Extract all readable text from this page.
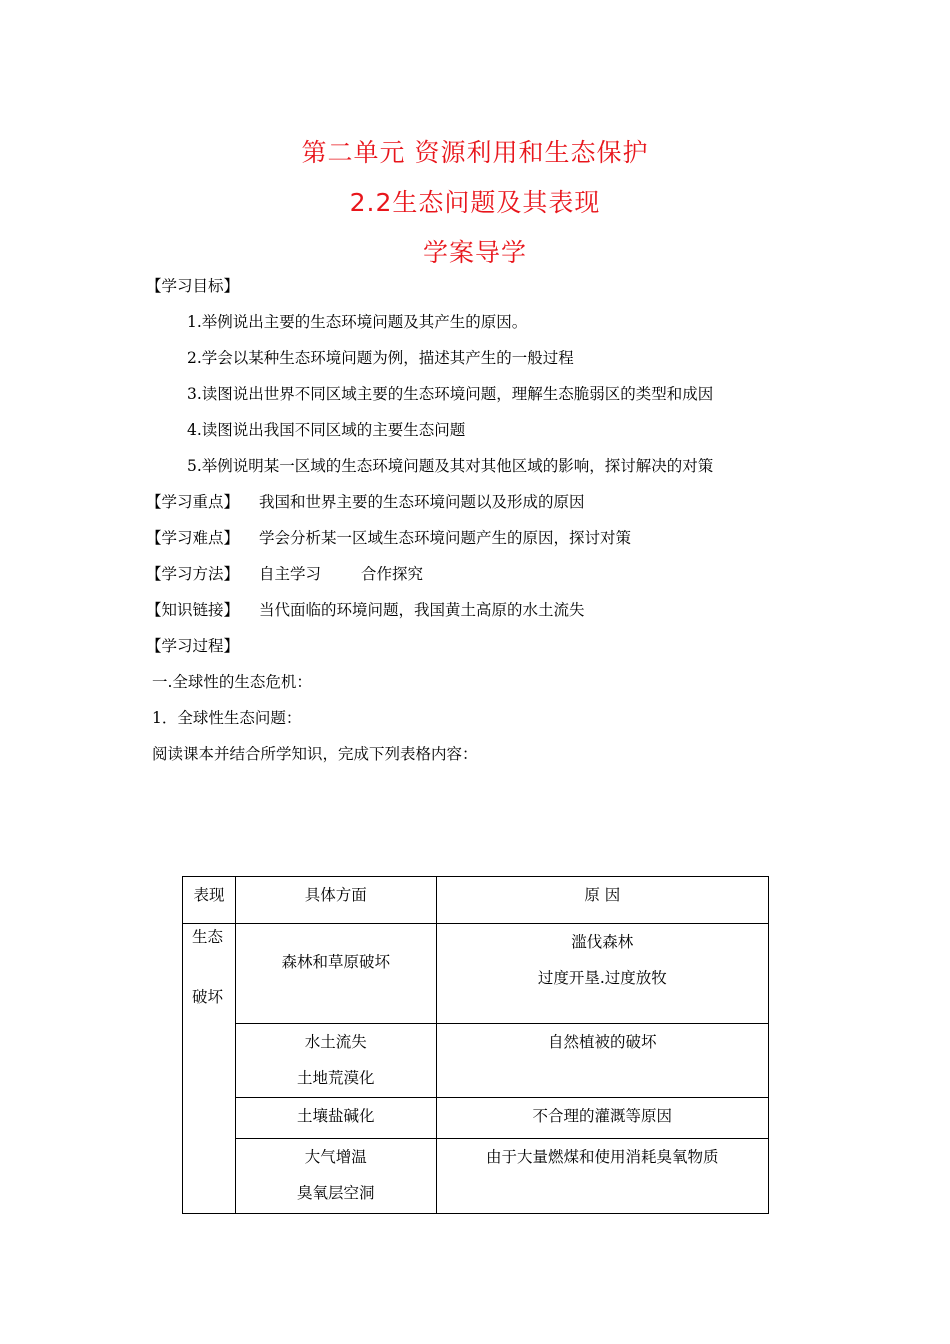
第二单元 资源利用和生态保护
2.2生态问题及其表现
学案导学
【学习目标】
1.举例说出主要的生态环境问题及其产生的原因。
2.学会以某种生态环境问题为例，描述其产生的一般过程
3.读图说出世界不同区域主要的生态环境问题，理解生态脆弱区的类型和成因
4.读图说出我国不同区域的主要生态问题
5.举例说明某一区域的生态环境问题及其对其他区域的影响，探讨解决的对策
【学习重点】 我国和世界主要的生态环境问题以及形成的原因
【学习难点】 学会分析某一区域生态环境问题产生的原因，探讨对策
【学习方法】 自主学习	合作探究
【知识链接】 当代面临的环境问题，我国黄土高原的水土流失
【学习过程】
一.全球性的生态危机：
1．全球性生态问题：
阅读课本并结合所学知识，完成下列表格内容：
表现	具体方面	原 因

生态
破坏	森林和草原破坏	滥伐森林
过度开垦.过度放牧

	水土流失
土地荒漠化	自然植被的破坏

	土壤盐碱化	不合理的灌溉等原因

	大气增温
臭氧层空洞	由于大量燃煤和使用消耗臭氧物质
